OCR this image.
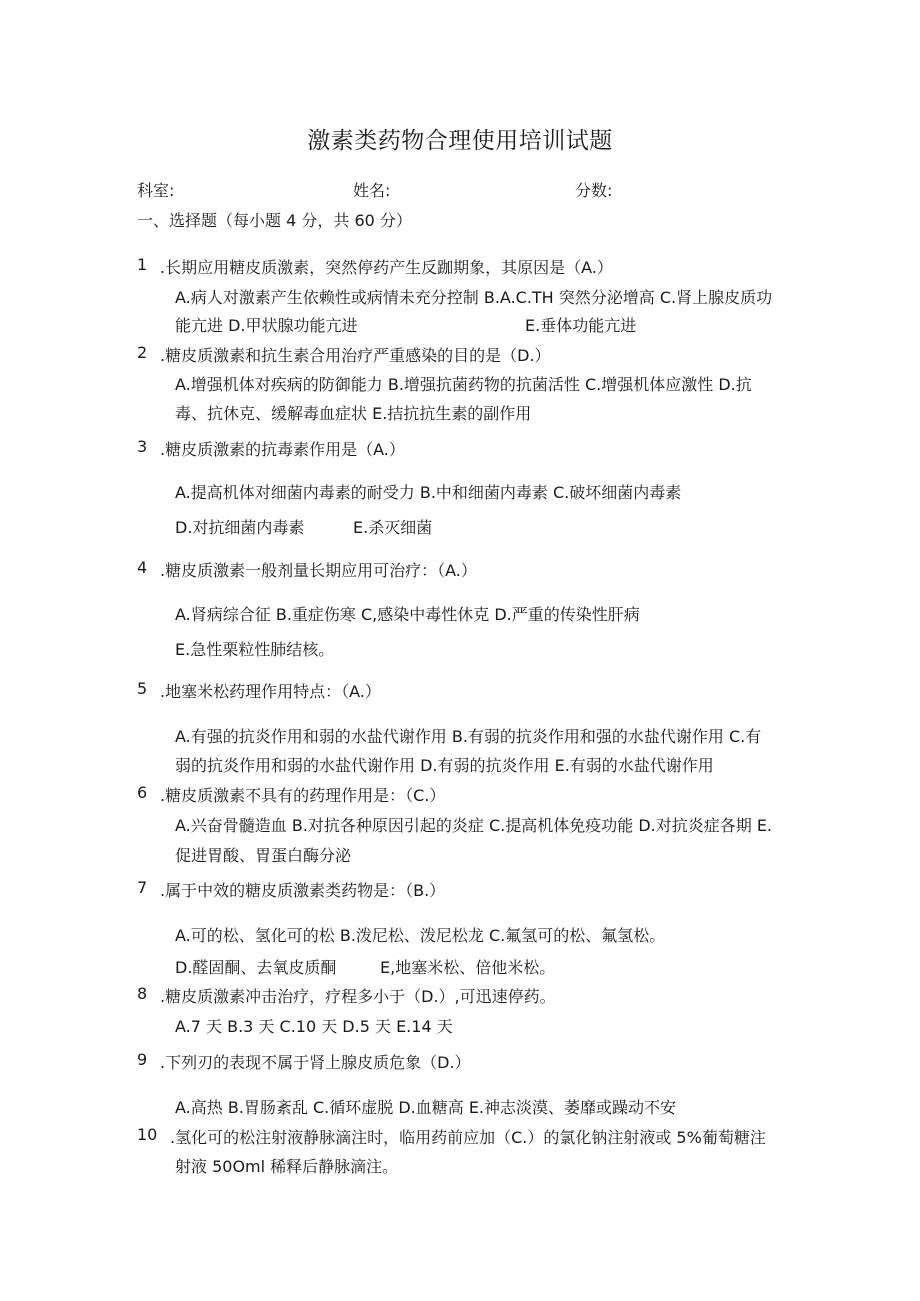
激素类药物合理使用培训试题
科室:	姓名:	分数:
一、选择题（每小题 4 分，共 60 分）
1 .长期应用糖皮质激素，突然停药产生反跏期象，其原因是（A.）
A.病人对激素产生依赖性或病情未充分控制 B.A.C.TH 突然分泌增高 C.肾上腺皮质功
能亢进 D.甲状腺功能亢进	E.垂体功能亢进
2 .糖皮质激素和抗生素合用治疗严重感染的目的是（D.）
A.增强机体对疾病的防御能力 B.增强抗菌药物的抗菌活性 C.增强机体应激性 D.抗
毒、抗休克、缓解毒血症状 E.拮抗抗生素的副作用
3 .糖皮质激素的抗毒素作用是（A.）
A.提高机体对细菌内毒素的耐受力 B.中和细菌内毒素 C.破坏细菌内毒素
D.对抗细菌内毒素	E.杀灭细菌
4 .糖皮质激素一般剂量长期应用可治疗：（A.）
A.肾病综合征 B.重症伤寒 C,感染中毒性休克 D.严重的传染性肝病
E.急性栗粒性肺结核。
5 .地塞米松药理作用特点：（A.）
A.有强的抗炎作用和弱的水盐代谢作用 B.有弱的抗炎作用和强的水盐代谢作用 C.有
弱的抗炎作用和弱的水盐代谢作用 D.有弱的抗炎作用 E.有弱的水盐代谢作用
6 .糖皮质激素不具有的药理作用是：（C.）
A.兴奋骨髓造血 B.对抗各种原因引起的炎症 C.提高机体免疫功能 D.对抗炎症各期 E.
促进胃酸、胃蛋白酶分泌
7 .属于中效的糖皮质激素类药物是：（B.）
A.可的松、氢化可的松 B.泼尼松、泼尼松龙 C.氟氢可的松、氟氢松。
D.醛固酮、去氧皮质酮	E,地塞米松、倍他米松。
8 .糖皮质激素冲击治疗，疗程多小于（D.）,可迅速停药。
A.7 天 B.3 天 C.10 天 D.5 天 E.14 天
9 .下列刃的表现不属于肾上腺皮质危象（D.）
A.高热 B.胃肠紊乱 C.循环虚脱 D.血糖高 E.神志淡漠、萎靡或躁动不安
10 .氢化可的松注射液静脉滴注时，临用药前应加（C.）的氯化钠注射液或 5%葡萄糖注
射液 50Oml 稀释后静脉滴注。
